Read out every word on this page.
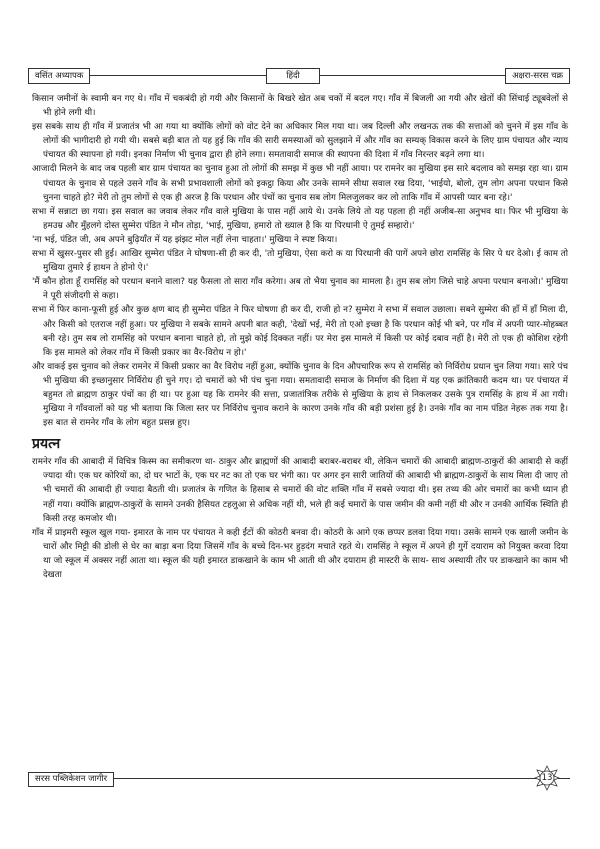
वसिंत अध्यापक	हिंदी	अक्षरा-सरस चक्र

किसान जमीनों के स्वामी बन गए थे। गाँव में चकबंदी हो गयी और किसानों के बिखरे खेत अब चकों में बदल गए। गाँव में बिजली आ गयी और खेतों की सिंचाई ट्यूबवेलों से भी होने लगी थी।

इस सबके साथ ही गाँव में प्रजातंत्र भी आ गया था क्योंकि लोगों को वोट देने का अधिकार मिल गया था। जब दिल्ली और लखनऊ तक की सत्ताओं को चुनने में इस गाँव के लोगों की भागीदारी हो गयी थी। सबसे बड़ी बात तो यह हुई कि गाँव की सारी समस्याओं को सुलझाने में और गाँव का सम्यक् विकास करने के लिए ग्राम पंचायत और न्याय पंचायत की स्थापना हो गयी। इनका निर्माण भी चुनाव द्वारा ही होने लगा। समतावादी समाज की स्थापना की दिशा में गाँव निरन्तर बढ़ने लगा था।

आजादी मिलने के बाद जब पहली बार ग्राम पंचायत का चुनाव हुआ तो लोगों की समझ में कुछ भी नहीं आया। पर रामनेर का मुखिया इस सारे बदलाव को समझ रहा था। ग्राम पंचायत के चुनाव से पहले उसने गाँव के सभी प्रभावशाली लोगों को इकट्ठा किया और उनके सामने सीधा सवाल रख दिया, 'भाईयो, बोलो, तुम लोग अपना परधान किसे चुनना चाहते हो? मेरी तो तुम लोगों से एक ही अरज है कि परधान और पंचों का चुनाव सब लोग मिलजुलकर कर लो ताकि गाँव में आपसी प्यार बना रहे।'

सभा में सन्नाटा छा गया। इस सवाल का जवाब लेकर गाँव वाले मुखिया के पास नहीं आये थे। उनके लिये तो यह पहला ही नहीं अजीब-सा अनुभव था। फिर भी मुखिया के हमउम्र और मुँहलगे दोस्त सुम्मेरा पंडित ने मौन तोड़ा, 'भाई, मुखिया, हमारो तो ख्याल है कि या पिरधानी ऐ तुमई सम्हारो।'

'ना भई, पंडित जी, अब अपने बुढ़ियाँत में यह झंझट मोल नहीं लेना चाहता।' मुखिया ने स्पष्ट किया।

सभा में खुसर-पुसर सी हुई। आखिर सुम्मेरा पंडित ने घोषणा-सी ही कर दी, 'तो मुखिया, ऐसा करो क या पिरधानी की पागें अपने छोरा रामसिंह के सिर पे धर देओ। ई काम तो मुखिया तुमारे ई हाथन ते होनो ऐ।'

'मैं कौन होता हूँ रामसिंह को परधान बनाने वाला? यह फैसला तो सारा गाँव करेगा। अब तो भैया चुनाव का मामला है। तुम सब लोग जिसे चाहे अपना परधान बनाओ।' मुखिया ने पूरी संजीदगी से कहा।

सभा में फिर काना-फूसी हुई और कुछ क्षण बाद ही सुम्मेरा पंडित ने फिर घोषणा ही कर दी, राजी हो न? सुम्मेरा ने सभा में सवाल उछाला। सबने सुम्मेरा की हाँ में हाँ मिला दी, और किसी को एतराज नहीं हुआ। पर मुखिया ने सबके सामने अपनी बात कही, 'देखों भई, मेरी तो एओ इच्छा है कि परधान कोई भी बने, पर गाँव में अपनी प्यार-मोहब्बत बनी रहे। तुम सब लो रामसिंह को परधान बनाना चाहते हो, तो मुझे कोई दिक्कत नहीं। पर मेरा इस मामले में किसी पर कोई दबाव नहीं है। मेरी तो एक ही कोशिश रहेगी कि इस मामले को लेकर गाँव में किसी प्रकार का वैर-विरोध न हो।'

और वाकई इस चुनाव को लेकर रामनेर में किसी प्रकार का वैर विरोध नहीं हुआ, क्योंकि चुनाव के दिन औपचारिक रूप से रामसिंह को निर्विरोध प्रधान चुन लिया गया। सारे पंच भी मुखिया की इच्छानुसार निर्विरोध ही चुने गए। दो चमारों को भी पंच चुना गया। समतावादी समाज के निर्माण की दिशा में यह एक क्रांतिकारी कदम था। पर पंचायत में बहुमत तो ब्राह्मण ठाकुर पंचों का ही था। पर हुआ यह कि रामनेर की सत्ता, प्रजातांत्रिक तरीके से मुखिया के हाथ से निकलकर उसके पुत्र रामसिंह के हाथ में आ गयी। मुखिया ने गाँववालों को यह भी बताया कि जिला स्तर पर निर्विरोध चुनाव कराने के कारण उनके गाँव की बड़ी प्रशंसा हुई है। उनके गाँव का नाम पंडित नेहरू तक गया है। इस बात से रामनेर गाँव के लोग बहुत प्रसन्न हुए।

प्रयत्न

रामनेर गाँव की आबादी में विचित्र किस्म का समीकरण था- ठाकुर और ब्राह्मणों की आबादी बराबर-बराबर थी, लेकिन चमारों की आबादी ब्राह्मण-ठाकुरों की आबादी से कहीं ज्यादा थी। एक घर कोरियों का, दो घर भाटों के, एक घर नट का तो एक घर भंगी का। पर अगर इन सारी जातियों की आबादी भी ब्राह्मण-ठाकुरों के साथ मिला दी जाए तो भी चमारों की आबादी ही ज्यादा बैठती थी। प्रजातंत्र के गणित के हिसाब से चमारों की वोट शक्ति गाँव में सबसे ज्यादा थी। इस तथ्य की ओर चमारों का कभी ध्यान ही नहीं गया। क्योंकि ब्राह्मण-ठाकुरों के सामने उनकी हैसियत टहलुआ से अधिक नहीं थी, भले ही कई चमारों के पास जमीन की कमी नहीं थी और न उनकी आर्थिक स्थिति ही किसी तरह कमजोर थी।

गाँव में प्राइमरी स्कूल खुल गया- इमारत के नाम पर पंचायत ने कही ईंटों की कोठरी बनवा दी। कोठरी के आगे एक छप्पर डलवा दिया गया। उसके सामने एक खाली जमीन के चारों और मिट्टी की डोली से घेर का बाड़ा बना दिया जिसमें गाँव के बच्चे दिन-भर हुड़दंग मचाते रहते थे। रामसिंह ने स्कूल में अपने ही गुर्गे दयाराम को नियुक्त करवा दिया था जो स्कूल में अक्सर नहीं आता था। स्कूल की यही इमारत डाकखाने के काम भी आती थी और दयाराम ही मास्टरी के साथ- साथ अस्थायी तौर पर डाकखाने का काम भी देखता

सरस पब्लिकेशन जागीर	13
